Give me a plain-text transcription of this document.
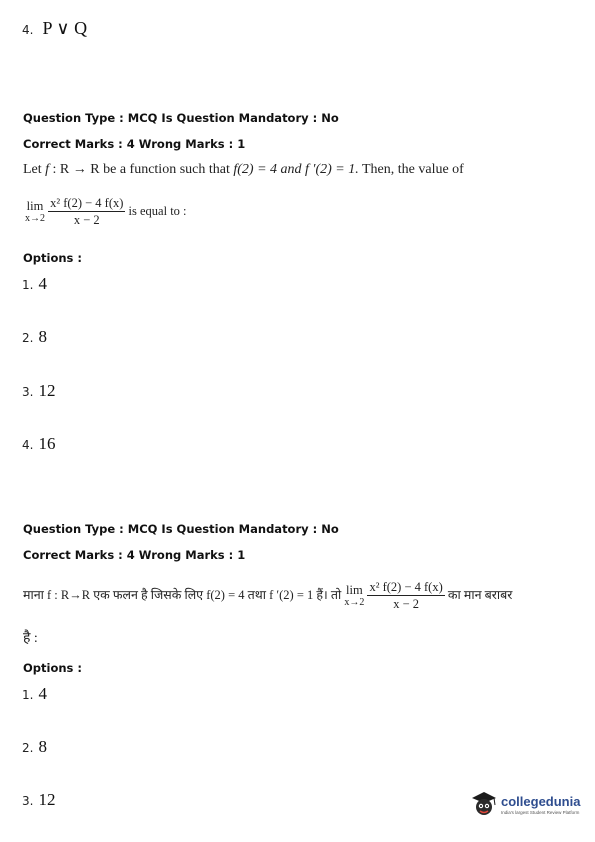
4. P ∨ Q
Question Type : MCQ Is Question Mandatory : No
Correct Marks : 4 Wrong Marks : 1
Let f : R → R be a function such that f(2) = 4 and f ′(2) = 1. Then, the value of
lim
x→2
$\frac{\text{x² f(2) − 4 f(x)}}{x - 2}$ is equal to :
Options :
1. 4
2. 8
3. 12
4. 16
Question Type : MCQ Is Question Mandatory : No
Correct Marks : 4 Wrong Marks : 1
माना f : R→R एक फलन है जिसके लिए f(2) = 4 तथा f ′(2) = 1 हैं। तो lim
x→2
$\frac{\text{x² f(2) − 4 f(x)}}{x - 2}$ का मान बराबर
है :
Options :
1. 4
2. 8
3. 12	collegedunia
India's largest Student Review Platform
